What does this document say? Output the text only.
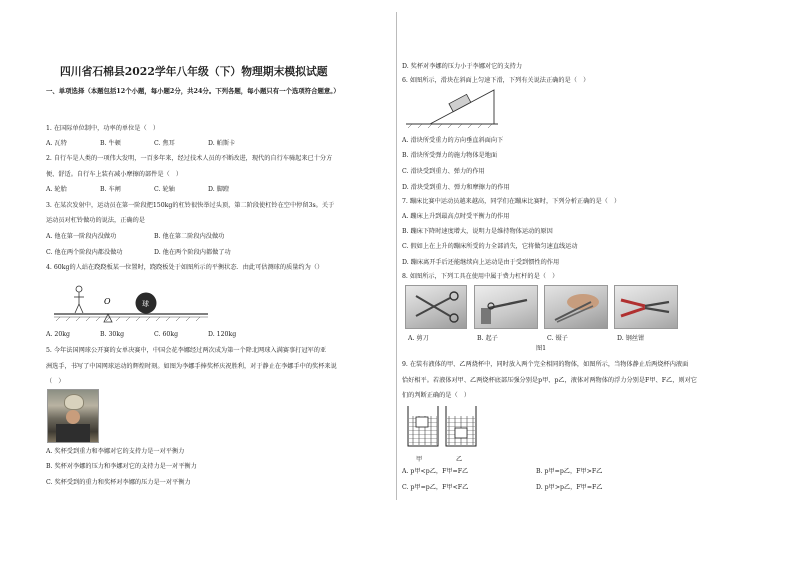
四川省石棉县2022学年八年级（下）物理期末模拟试题
一、单项选择（本题包括12个小题，每小题2分，共24分。下列各题，每小题只有一个选项符合题意。）
1. 在国际单位制中，功率的单位是（　）
A. 瓦特	B. 牛顿	C. 焦耳	D. 帕斯卡
2. 自行车是人类的一项伟大发明，一百多年来，经过技术人员的不断改进，现代的自行车骑起来已十分方
便、舒适。自行车上装有减小摩擦的部件是（　）
A. 轮胎	B. 车闸	C. 轮轴	D. 脚蹬
3. 在某次发射中，运动员在第一阶段把150kg的杠铃很快举过头顶，第二阶段使杠铃在空中停留3s。关于
运动员对杠铃做功的说法，正确的是
A. 他在第一阶段内没做功	B. 他在第二阶段内没做功
C. 他在两个阶段内都没做功	D. 他在两个阶段内都做了功
4. 60kg的人站在跷跷板某一位置时，跷跷板处于如图所示的平衡状态．由此可估测球的质量约为（）
O	球
A. 20kg	B. 30kg	C. 60kg	D. 120kg
5. 今年法国网球公开赛的女单决赛中，中国会花李娜经过两次成为第一个降北网球入满赛事打冠军的亚
洲选手，书写了中国网球运动的辉煌时刻。如图为李娜手捧奖杯庆祝胜利，对于静止在李娜手中的奖杯来说
（　）
A. 奖杯受到重力和李娜对它的支持力是一对平衡力
B. 奖杯对李娜的压力和李娜对它的支持力是一对平衡力
C. 奖杯受到的重力和奖杯对李娜的压力是一对平衡力
D. 奖杯对李娜的压力小于李娜对它的支持力
6. 如图所示，滑块在斜面上匀速下滑，下列有关说法正确的是（　）
A. 滑块所受重力的方向垂直斜面向下
B. 滑块所受弹力的施力物体是地面
C. 滑块受到重力、弹力的作用
D. 滑块受到重力、弹力和摩擦力的作用
7. 蹦床比赛中运动员越来越高，同学们在蹦床比赛时，下列分析正确的是（　）
A. 蹦床上升到最高点时受平衡力的作用
B. 蹦床下降时速度增大，说明力是维持物体运动的原因
C. 假如上在上升的蹦床所受的力全部消失，它将做匀速直线运动
D. 蹦床离开手后还能继续向上运动是由于受到惯性的作用
8. 如图所示，下列工具在使用中属于费力杠杆的是（　）
A. 剪刀	B. 起子	C. 镊子	D. 钢丝钳
图1
9. 在装有液体的甲、乙两烧杯中，同时放入两个完全相同的物体，如图所示，当物体静止后两烧杯内液面
恰好相平。若液体对甲、乙两烧杯底部压强分别是p甲、p乙，液体对两物体的浮力分别是F甲、F乙，则对它
们的判断正确的是（　）
甲	乙
A. p甲<p乙，F甲=F乙	B. p甲=p乙，F甲>F乙
C. p甲=p乙，F甲<F乙	D. p甲>p乙，F甲=F乙
